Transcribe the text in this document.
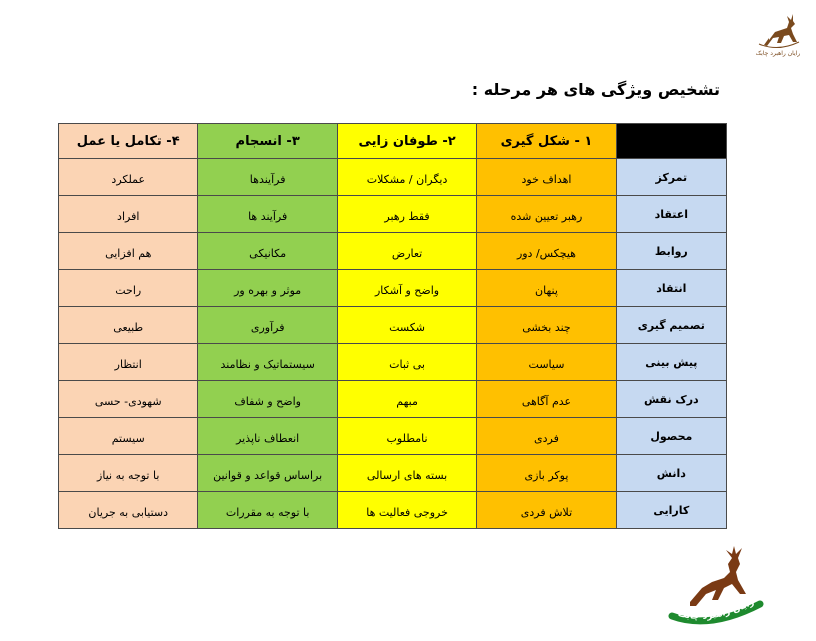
رایان راهبرد چابک
تشخیص ویژگی های هر مرحله :
	۱ - شکل گیری	۲- طوفان زایی	۳- انسجام	۴- تکامل یا عمل

تمرکز	اهداف خود	دیگران / مشکلات	فرآیندها	عملکرد

اعتقاد	رهبر تعیین شده	فقط رهبر	فرآیند ها	افراد

روابط	هیچکس/ دور	تعارض	مکانیکی	هم افزایی

انتقاد	پنهان	واضح و آشکار	موثر و بهره ور	راحت

تصمیم گیری	چند بخشی	شکست	فرآوری	طبیعی

پیش بینی	سیاست	بی ثبات	سیستماتیک و نظامند	انتظار

درک نقش	عدم آگاهی	مبهم	واضح و شفاف	شهودی- حسی

محصول	فردی	نامطلوب	انعطاف ناپذیر	سیستم

دانش	پوکر بازی	بسته های ارسالی	براساس قواعد و قوانین	با توجه به نیاز

کارایی	تلاش فردی	خروجی فعالیت ها	با توجه به مقررات	دستیابی به جریان
رایان راهبرد چابک
